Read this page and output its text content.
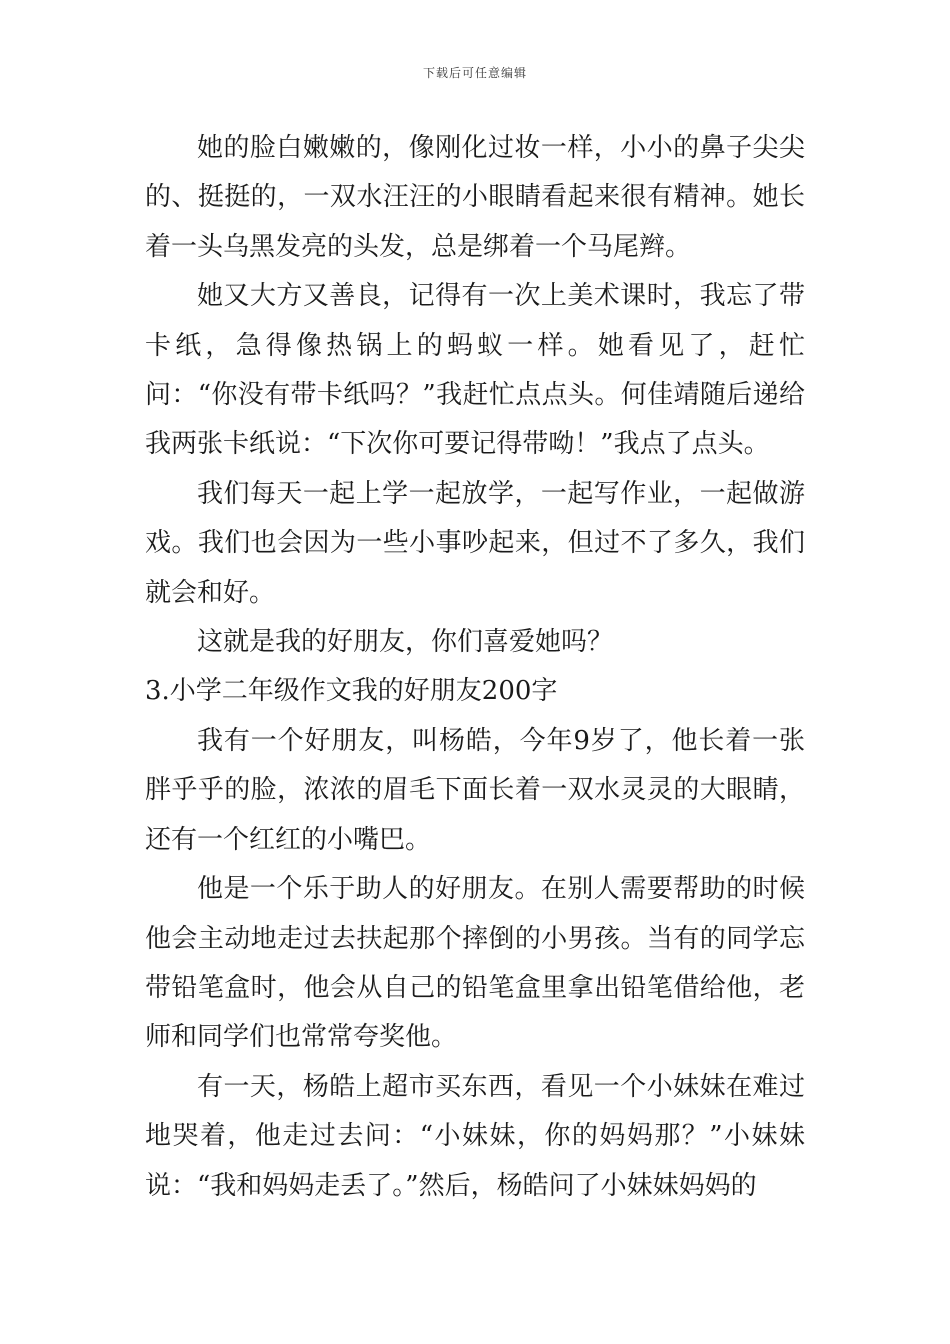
下载后可任意编辑

她的脸白嫩嫩的，像刚化过妆一样，小小的鼻子尖尖的、挺挺的，一双水汪汪的小眼睛看起来很有精神。她长着一头乌黑发亮的头发，总是绑着一个马尾辫。

她又大方又善良，记得有一次上美术课时，我忘了带卡纸，急得像热锅上的蚂蚁一样。她看见了，赶忙问：“你没有带卡纸吗？”我赶忙点点头。何佳靖随后递给我两张卡纸说：“下次你可要记得带呦！”我点了点头。

我们每天一起上学一起放学，一起写作业，一起做游戏。我们也会因为一些小事吵起来，但过不了多久，我们就会和好。

这就是我的好朋友，你们喜爱她吗？

3.小学二年级作文我的好朋友200字

我有一个好朋友，叫杨皓，今年9岁了，他长着一张胖乎乎的脸，浓浓的眉毛下面长着一双水灵灵的大眼睛，还有一个红红的小嘴巴。

他是一个乐于助人的好朋友。在别人需要帮助的时候他会主动地走过去扶起那个摔倒的小男孩。当有的同学忘带铅笔盒时，他会从自己的铅笔盒里拿出铅笔借给他，老师和同学们也常常夸奖他。

有一天，杨皓上超市买东西，看见一个小妹妹在难过地哭着，他走过去问：“小妹妹，你的妈妈那？”小妹妹说：“我和妈妈走丢了。”然后，杨皓问了小妹妹妈妈的
